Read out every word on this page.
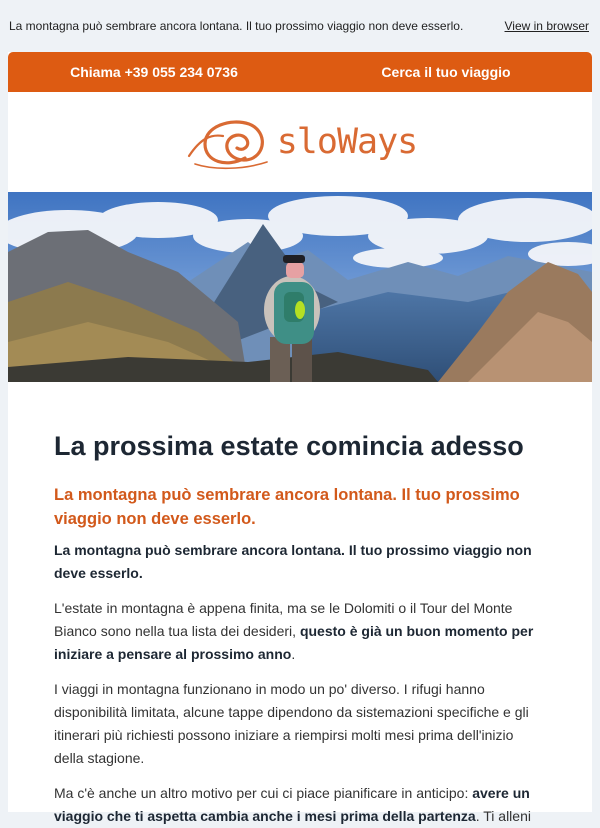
La montagna può sembrare ancora lontana. Il tuo prossimo viaggio non deve esserlo.	View in browser
Chiama +39 055 234 0736	Cerca il tuo viaggio
sloWays
La prossima estate comincia adesso
La montagna può sembrare ancora lontana. Il tuo prossimo viaggio non deve esserlo.
La montagna può sembrare ancora lontana. Il tuo prossimo viaggio non deve esserlo.

L'estate in montagna è appena finita, ma se le Dolomiti o il Tour del Monte Bianco sono nella tua lista dei desideri, questo è già un buon momento per iniziare a pensare al prossimo anno.

I viaggi in montagna funzionano in modo un po' diverso. I rifugi hanno disponibilità limitata, alcune tappe dipendono da sistemazioni specifiche e gli itinerari più richiesti possono iniziare a riempirsi molti mesi prima dell'inizio della stagione.

Ma c'è anche un altro motivo per cui ci piace pianificare in anticipo: avere un viaggio che ti aspetta cambia anche i mesi prima della partenza. Ti alleni
